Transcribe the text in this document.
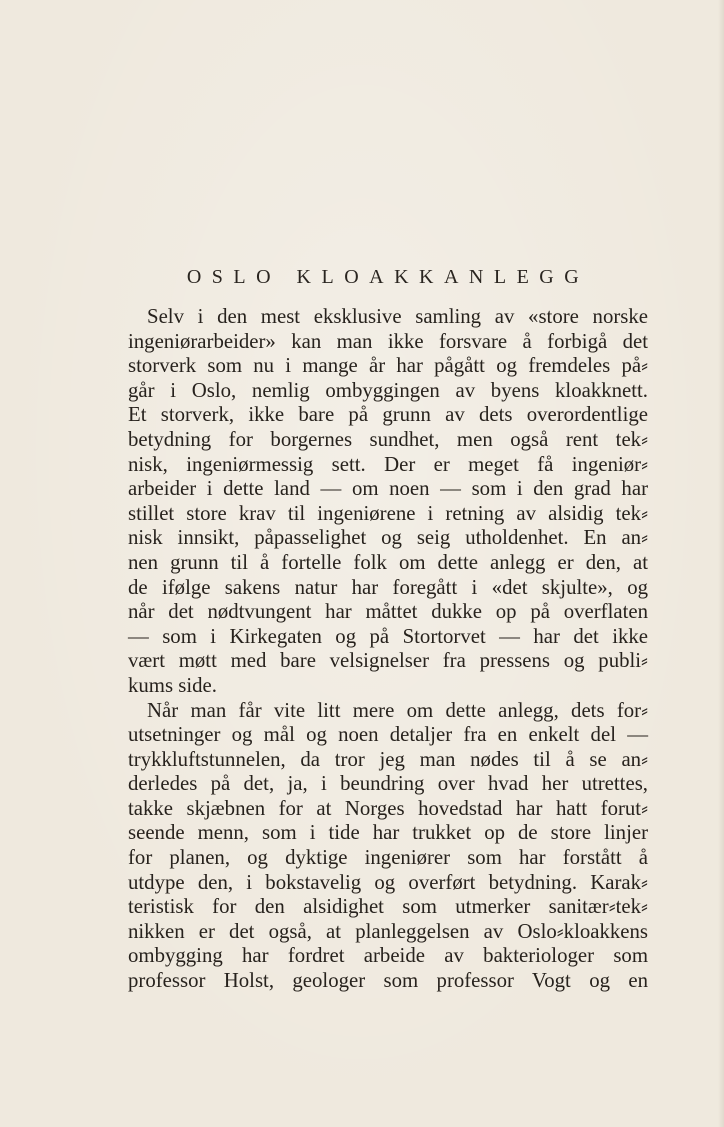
OSLO KLOAKKANLEGG
Selv i den mest eksklusive samling av «store norske
ingeniørarbeider» kan man ikke forsvare å forbigå det
storverk som nu i mange år har pågått og fremdeles på⸗
går i Oslo, nemlig ombyggingen av byens kloakknett.
Et storverk, ikke bare på grunn av dets overordentlige
betydning for borgernes sundhet, men også rent tek⸗
nisk, ingeniørmessig sett. Der er meget få ingeniør⸗
arbeider i dette land — om noen — som i den grad har
stillet store krav til ingeniørene i retning av alsidig tek⸗
nisk innsikt, påpasselighet og seig utholdenhet. En an⸗
nen grunn til å fortelle folk om dette anlegg er den, at
de ifølge sakens natur har foregått i «det skjulte», og
når det nødtvungent har måttet dukke op på overflaten
— som i Kirkegaten og på Stortorvet — har det ikke
vært møtt med bare velsignelser fra pressens og publi⸗
kums side.
Når man får vite litt mere om dette anlegg, dets for⸗
utsetninger og mål og noen detaljer fra en enkelt del —
trykkluftstunnelen, da tror jeg man nødes til å se an⸗
derledes på det, ja, i beundring over hvad her utrettes,
takke skjæbnen for at Norges hovedstad har hatt forut⸗
seende menn, som i tide har trukket op de store linjer
for planen, og dyktige ingeniører som har forstått å
utdype den, i bokstavelig og overført betydning. Karak⸗
teristisk for den alsidighet som utmerker sanitær⸗tek⸗
nikken er det også, at planleggelsen av Oslo⸗kloakkens
ombygging har fordret arbeide av bakteriologer som
professor Holst, geologer som professor Vogt og en
